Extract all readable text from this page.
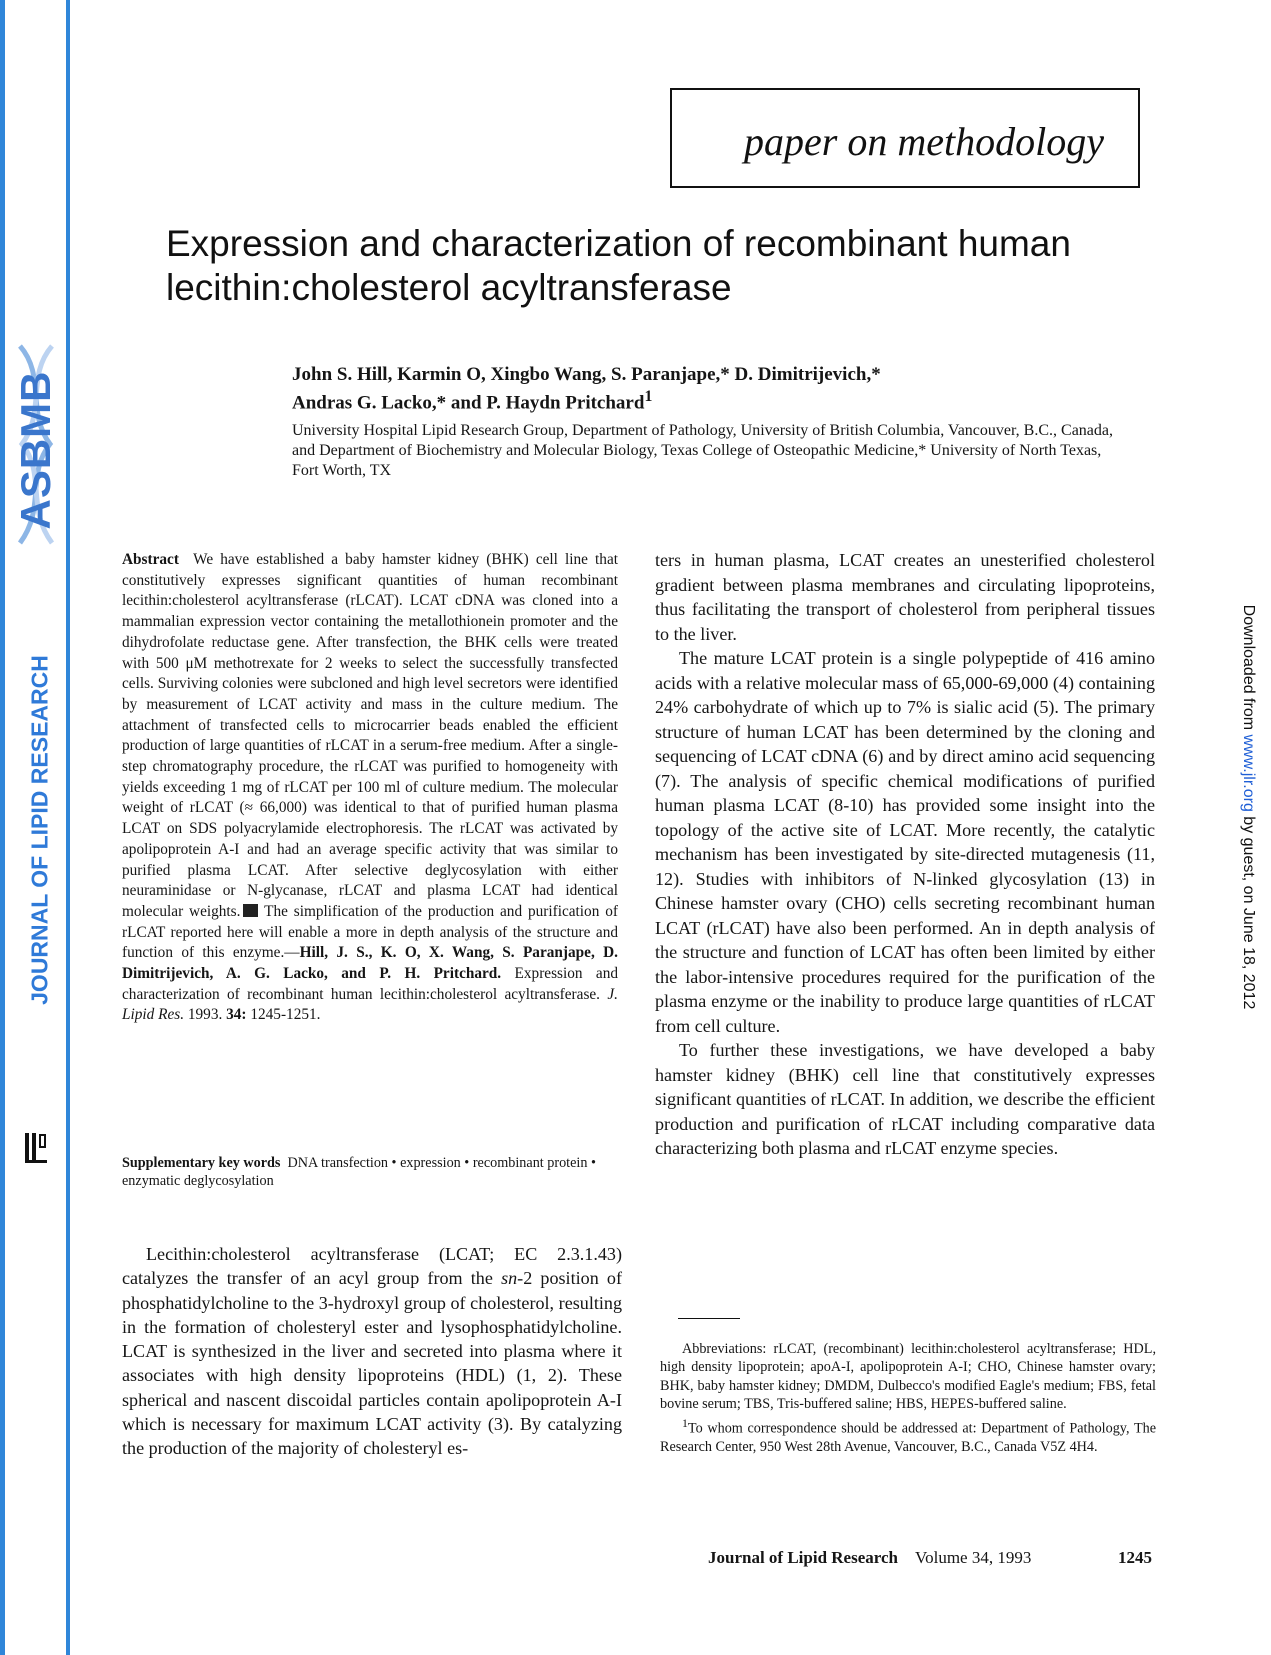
ASBMB
JOURNAL OF LIPID RESEARCH	Downloaded from www.jlr.org by guest, on June 18, 2012
paper on methodology
Expression and characterization of recombinant human lecithin:cholesterol acyltransferase
John S. Hill, Karmin O, Xingbo Wang, S. Paranjape,* D. Dimitrijevich,*
Andras G. Lacko,* and P. Haydn Pritchard$^1$
University Hospital Lipid Research Group, Department of Pathology, University of British Columbia, Vancouver, B.C., Canada, and Department of Biochemistry and Molecular Biology, Texas College of Osteopathic Medicine,* University of North Texas, Fort Worth, TX
Abstract We have established a baby hamster kidney (BHK) cell line that constitutively expresses significant quantities of human recombinant lecithin:cholesterol acyltransferase (rLCAT). LCAT cDNA was cloned into a mammalian expression vector containing the metallothionein promoter and the dihydrofolate reductase gene. After transfection, the BHK cells were treated with 500 μM methotrexate for 2 weeks to select the successfully transfected cells. Surviving colonies were subcloned and high level secretors were identified by measurement of LCAT activity and mass in the culture medium. The attachment of transfected cells to microcarrier beads enabled the efficient production of large quantities of rLCAT in a serum-free medium. After a single-step chromatography procedure, the rLCAT was purified to homogeneity with yields exceeding 1 mg of rLCAT per 100 ml of culture medium. The molecular weight of rLCAT (≈ 66,000) was identical to that of purified human plasma LCAT on SDS polyacrylamide electrophoresis. The rLCAT was activated by apolipoprotein A-I and had an average specific activity that was similar to purified plasma LCAT. After selective deglycosylation with either neuraminidase or N-glycanase, rLCAT and plasma LCAT had identical molecular weights. The simplification of the production and purification of rLCAT reported here will enable a more in depth analysis of the structure and function of this enzyme.—Hill, J. S., K. O, X. Wang, S. Paranjape, D. Dimitrijevich, A. G. Lacko, and P. H. Pritchard. Expression and characterization of recombinant human lecithin:cholesterol acyltransferase. J. Lipid Res. 1993. 34: 1245-1251.
Supplementary key words DNA transfection • expression • recombinant protein • enzymatic deglycosylation

Lecithin:cholesterol acyltransferase (LCAT; EC 2.3.1.43) catalyzes the transfer of an acyl group from the sn-2 position of phosphatidylcholine to the 3-hydroxyl group of cholesterol, resulting in the formation of cholesteryl ester and lysophosphatidylcholine. LCAT is synthesized in the liver and secreted into plasma where it associates with high density lipoproteins (HDL) (1, 2). These spherical and nascent discoidal particles contain apolipoprotein A-I which is necessary for maximum LCAT activity (3). By catalyzing the production of the majority of cholesteryl es-

ters in human plasma, LCAT creates an unesterified cholesterol gradient between plasma membranes and circulating lipoproteins, thus facilitating the transport of cholesterol from peripheral tissues to the liver.

The mature LCAT protein is a single polypeptide of 416 amino acids with a relative molecular mass of 65,000-69,000 (4) containing 24% carbohydrate of which up to 7% is sialic acid (5). The primary structure of human LCAT has been determined by the cloning and sequencing of LCAT cDNA (6) and by direct amino acid sequencing (7). The analysis of specific chemical modifications of purified human plasma LCAT (8-10) has provided some insight into the topology of the active site of LCAT. More recently, the catalytic mechanism has been investigated by site-directed mutagenesis (11, 12). Studies with inhibitors of N-linked glycosylation (13) in Chinese hamster ovary (CHO) cells secreting recombinant human LCAT (rLCAT) have also been performed. An in depth analysis of the structure and function of LCAT has often been limited by either the labor-intensive procedures required for the purification of the plasma enzyme or the inability to produce large quantities of rLCAT from cell culture.

To further these investigations, we have developed a baby hamster kidney (BHK) cell line that constitutively expresses significant quantities of rLCAT. In addition, we describe the efficient production and purification of rLCAT including comparative data characterizing both plasma and rLCAT enzyme species.

Abbreviations: rLCAT, (recombinant) lecithin:cholesterol acyltransferase; HDL, high density lipoprotein; apoA-I, apolipoprotein A-I; CHO, Chinese hamster ovary; BHK, baby hamster kidney; DMDM, Dulbecco's modified Eagle's medium; FBS, fetal bovine serum; TBS, Tris-buffered saline; HBS, HEPES-buffered saline.
$^1$To whom correspondence should be addressed at: Department of Pathology, The Research Center, 950 West 28th Avenue, Vancouver, B.C., Canada V5Z 4H4.
Journal of Lipid Research Volume 34, 1993	1245
